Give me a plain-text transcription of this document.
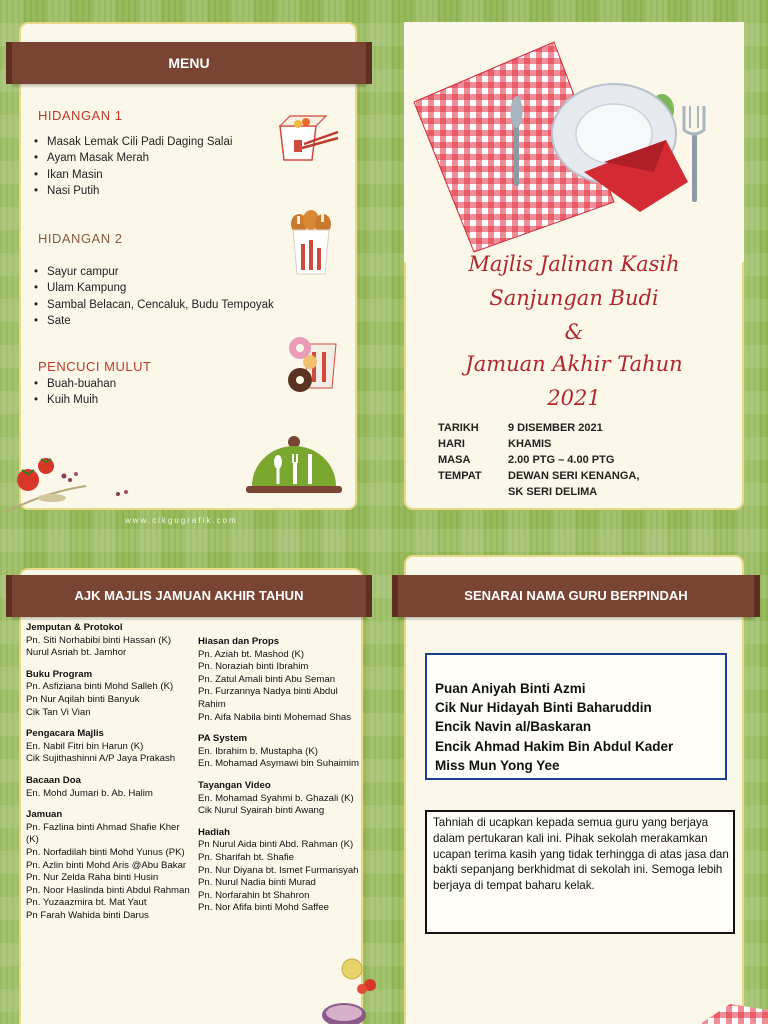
MENU
HIDANGAN 1
• Masak Lemak Cili Padi Daging Salai
• Ayam Masak Merah
• Ikan Masin
• Nasi Putih
HIDANGAN 2
• Sayur campur
• Ulam Kampung
• Sambal Belacan, Cencaluk, Budu Tempoyak
• Sate
PENCUCI MULUT
• Buah-buahan
• Kuih Muih
www.cikgugrafik.com
Majlis Jalinan Kasih
Sanjungan Budi
&
Jamuan Akhir Tahun
2021
TARIKH	9 DISEMBER 2021
HARI	KHAMIS
MASA	2.00 PTG – 4.00 PTG
TEMPAT DEWAN SERI KENANGA,
SK SERI DELIMA
AJK MAJLIS JAMUAN AKHIR TAHUN
Jemputan & Protokol
Pn. Siti Norhabibi binti Hassan (K)
Nurul Asriah bt. Jamhor
Buku Program
Pn. Asfiziana binti Mohd Salleh (K)
Pn Nur Aqilah binti Banyuk
Cik Tan Vi Vian
Pengacara Majlis
En. Nabil Fitri bin Harun (K)
Cik Sujithashinni A/P Jaya Prakash
Bacaan Doa
En. Mohd Jumari b. Ab. Halim
Jamuan
Pn. Fazlina binti Ahmad Shafie Kher (K)
Pn. Norfadilah binti Mohd Yunus (PK)
Pn. Azlin binti Mohd Aris @Abu Bakar
Pn. Nur Zelda Raha binti Husin
Pn. Noor Haslinda binti Abdul Rahman
Pn. Yuzaazmira bt. Mat Yaut
Pn Farah Wahida binti Darus
Hiasan dan Props
Pn. Aziah bt. Mashod (K)
Pn. Noraziah binti Ibrahim
Pn. Zatul Amali binti Abu Seman
Pn. Furzannya Nadya binti Abdul Rahim
Pn. Aifa Nabila binti Mohemad Shas
PA System
En. Ibrahim b. Mustapha (K)
En. Mohamad Asymawi bin Suhaimim
Tayangan Video
En. Mohamad Syahmi b. Ghazali (K)
Cik Nurul Syairah binti Awang
Hadiah
Pn Nurul Aida binti Abd. Rahman (K)
Pn. Sharifah bt. Shafie
Pn. Nur Diyana bt. Ismet Furmansyah
Pn. Nurul Nadia binti Murad
Pn. Norfarahin bt Shahron
Pn. Nor Afifa binti Mohd Saffee
SENARAI NAMA GURU BERPINDAH
Puan Aniyah Binti Azmi
Cik Nur Hidayah Binti Baharuddin
Encik Navin al/Baskaran
Encik Ahmad Hakim Bin Abdul Kader
Miss Mun Yong Yee
Tahniah di ucapkan kepada semua guru yang berjaya dalam pertukaran kali ini. Pihak sekolah merakamkan ucapan terima kasih yang tidak terhingga di atas jasa dan bakti sepanjang berkhidmat di sekolah ini. Semoga lebih berjaya di tempat baharu kelak.
